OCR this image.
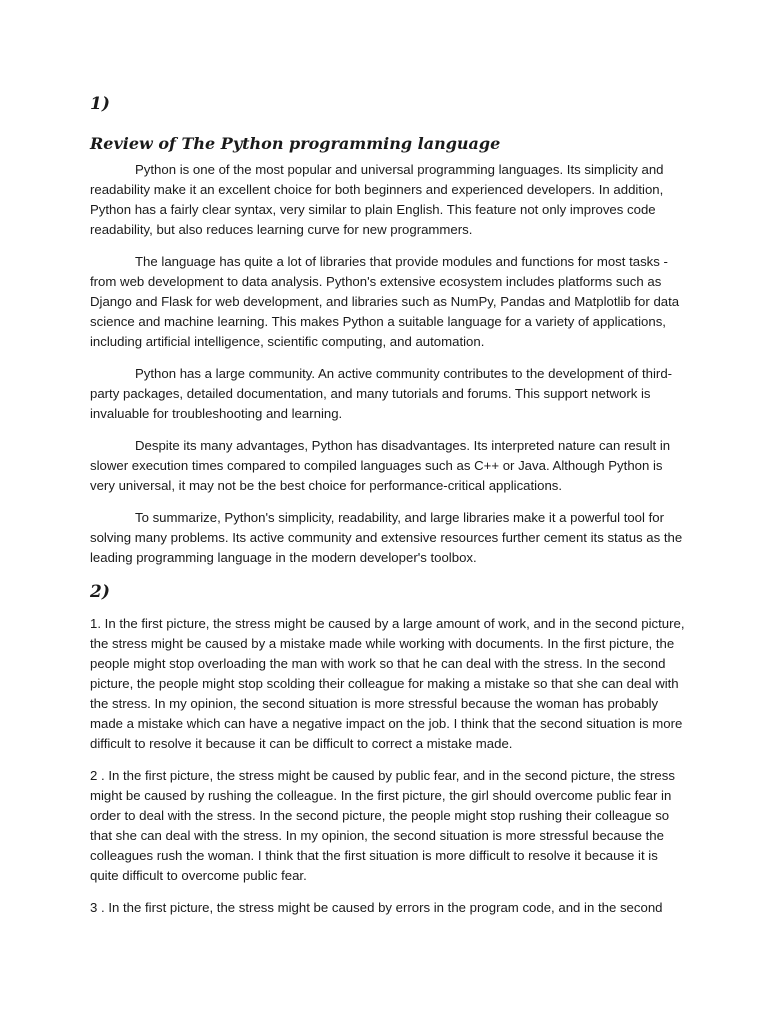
1)
Review of The Python programming language

Python is one of the most popular and universal programming languages. Its simplicity and readability make it an excellent choice for both beginners and experienced developers. In addition, Python has a fairly clear syntax, very similar to plain English. This feature not only improves code readability, but also reduces learning curve for new programmers.

The language has quite a lot of libraries that provide modules and functions for most tasks - from web development to data analysis. Python's extensive ecosystem includes platforms such as Django and Flask for web development, and libraries such as NumPy, Pandas and Matplotlib for data science and machine learning. This makes Python a suitable language for a variety of applications, including artificial intelligence, scientific computing, and automation.

Python has a large community. An active community contributes to the development of third-party packages, detailed documentation, and many tutorials and forums. This support network is invaluable for troubleshooting and learning.

Despite its many advantages, Python has disadvantages. Its interpreted nature can result in slower execution times compared to compiled languages such as C++ or Java. Although Python is very universal, it may not be the best choice for performance-critical applications.

To summarize, Python's simplicity, readability, and large libraries make it a powerful tool for solving many problems. Its active community and extensive resources further cement its status as the leading programming language in the modern developer's toolbox.

2)

1. In the first picture, the stress might be caused by a large amount of work, and in the second picture, the stress might be caused by a mistake made while working with documents. In the first picture, the people might stop overloading the man with work so that he can deal with the stress. In the second picture, the people might stop scolding their colleague for making a mistake so that she can deal with the stress. In my opinion, the second situation is more stressful because the woman has probably made a mistake which can have a negative impact on the job. I think that the second situation is more difficult to resolve it because it can be difficult to correct a mistake made.

2 . In the first picture, the stress might be caused by public fear, and in the second picture, the stress might be caused by rushing the colleague. In the first picture, the girl should overcome public fear in order to deal with the stress. In the second picture, the people might stop rushing their colleague so that she can deal with the stress. In my opinion, the second situation is more stressful because the colleagues rush the woman. I think that the first situation is more difficult to resolve it because it is quite difficult to overcome public fear.

3 . In the first picture, the stress might be caused by errors in the program code, and in the second
